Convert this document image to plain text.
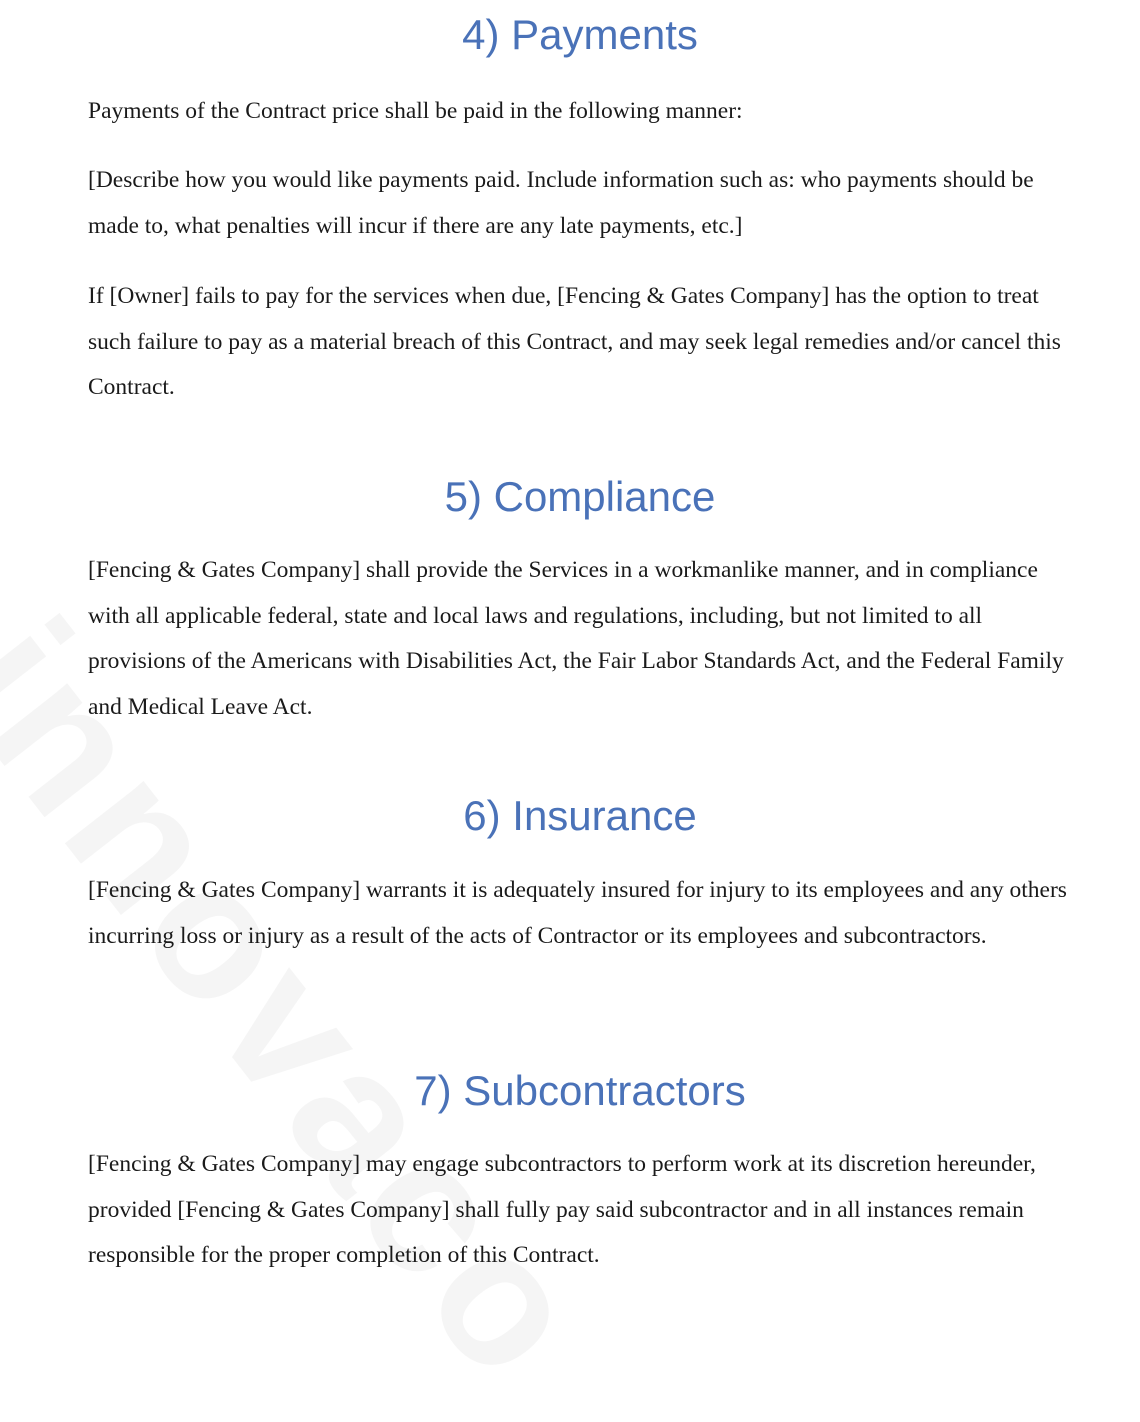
4) Payments

Payments of the Contract price shall be paid in the following manner:

[Describe how you would like payments paid. Include information such as: who payments should be made to, what penalties will incur if there are any late payments, etc.]

If [Owner] fails to pay for the services when due, [Fencing & Gates Company] has the option to treat such failure to pay as a material breach of this Contract, and may seek legal remedies and/or cancel this Contract.

5) Compliance

[Fencing & Gates Company] shall provide the Services in a workmanlike manner, and in compliance with all applicable federal, state and local laws and regulations, including, but not limited to all provisions of the Americans with Disabilities Act, the Fair Labor Standards Act, and the Federal Family and Medical Leave Act.

6) Insurance

[Fencing & Gates Company] warrants it is adequately insured for injury to its employees and any others incurring loss or injury as a result of the acts of Contractor or its employees and subcontractors.

7) Subcontractors

[Fencing & Gates Company] may engage subcontractors to perform work at its discretion hereunder, provided [Fencing & Gates Company] shall fully pay said subcontractor and in all instances remain responsible for the proper completion of this Contract.
